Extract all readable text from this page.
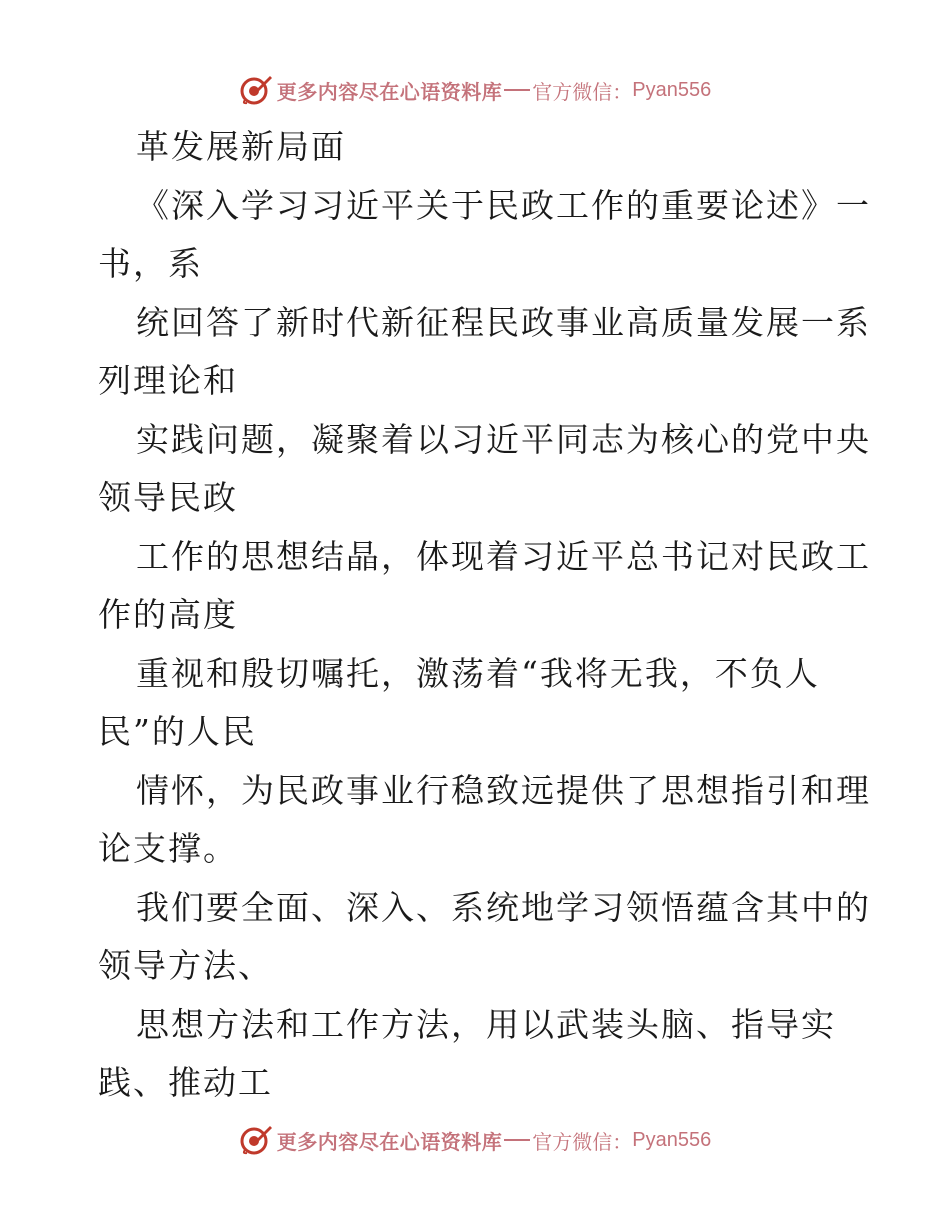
更多内容尽在心语资料库 官方微信： Pyan556
革发展新局面
《深入学习习近平关于民政工作的重要论述》一
书，系
统回答了新时代新征程民政事业高质量发展一系
列理论和
实践问题，凝聚着以习近平同志为核心的党中央
领导民政
工作的思想结晶，体现着习近平总书记对民政工
作的高度
重视和殷切嘱托，激荡着“我将无我，不负人
民”的人民
情怀，为民政事业行稳致远提供了思想指引和理
论支撑。
我们要全面、深入、系统地学习领悟蕴含其中的
领导方法、
思想方法和工作方法，用以武装头脑、指导实
践、推动工
更多内容尽在心语资料库 官方微信： Pyan556
